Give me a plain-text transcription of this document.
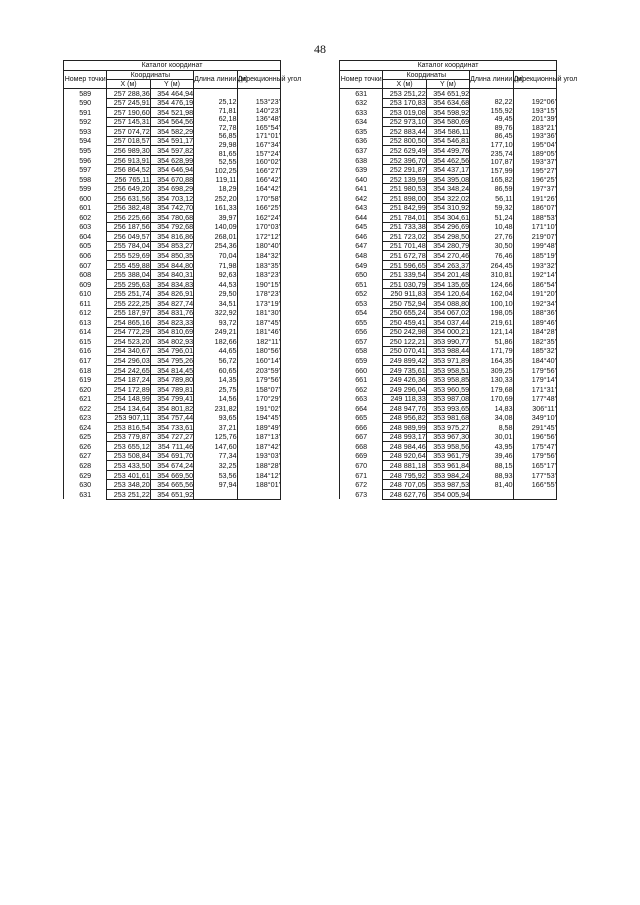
48
Каталог координат				
Номер точки	Координаты		Длина линии (м)	Дирекционный угол
	X (м)	Y (м)		
589	257 288,36	354 464,94		
			25,12	153°23'
590	257 245,91	354 476,19		
			71,81	140°23'
591	257 190,60	354 521,98		
			62,18	136°48'
592	257 145,31	354 564,56		
			72,78	165°54'
593	257 074,72	354 582,29		
			56,85	171°01'
594	257 018,57	354 591,17		
			29,98	167°34'
595	256 989,30	354 597,82		
			81,65	157°24'
596	256 913,91	354 628,99		
			52,55	160°02'
597	256 864,52	354 646,94		
			102,25	166°27'
598	256 765,11	354 670,88		
			119,11	166°42'
599	256 649,20	354 698,29		
			18,29	164°42'
600	256 631,56	354 703,12		
			252,20	170°58'
601	256 382,48	354 742,70		
			161,33	166°25'
602	256 225,66	354 780,68		
			39,97	162°24'
603	256 187,56	354 792,68		
			140,09	170°03'
604	256 049,57	354 816,86		
			268,01	172°12'
605	255 784,04	354 853,27		
			254,36	180°40'
606	255 529,69	354 850,35		
			70,04	184°32'
607	255 459,88	354 844,80		
			71,98	183°35'
608	255 388,04	354 840,31		
			92,63	183°23'
609	255 295,63	354 834,83		
			44,53	190°15'
610	255 251,74	354 826,91		
			29,50	178°23'
611	255 222,25	354 827,74		
			34,51	173°19'
612	255 187,97	354 831,76		
			322,92	181°30'
613	254 865,16	354 823,33		
			93,72	187°45'
614	254 772,29	354 810,69		
			249,21	181°46'
615	254 523,20	354 802,93		
			182,66	182°11'
616	254 340,67	354 796,01		
			44,65	180°56'
617	254 296,03	354 795,26		
			56,72	160°14'
618	254 242,65	354 814,45		
			60,65	203°59'
619	254 187,24	354 789,80		
			14,35	179°56'
620	254 172,89	354 789,81		
			25,75	158°07'
621	254 148,99	354 799,41		
			14,56	170°29'
622	254 134,64	354 801,82		
			231,82	191°02'
623	253 907,11	354 757,44		
			93,65	194°45'
624	253 816,54	354 733,61		
			37,21	189°49'
625	253 779,87	354 727,27		
			125,76	187°13'
626	253 655,12	354 711,46		
			147,60	187°42'
627	253 508,84	354 691,70		
			77,34	193°03'
628	253 433,50	354 674,24		
			32,25	188°28'
629	253 401,61	354 669,50		
			53,56	184°12'
630	253 348,20	354 665,56		
			97,94	188°01'
631	253 251,22	354 651,92		

Каталог координат				
Номер точки	Координаты		Длина линии (м)	Дирекционный угол
	X (м)	Y (м)		
631	253 251,22	354 651,92		
			82,22	192°06'
632	253 170,83	354 634,68		
			155,92	193°15'
633	253 019,08	354 598,92		
			49,45	201°39'
634	252 973,10	354 580,69		
			89,76	183°21'
635	252 883,44	354 586,11		
			86,45	193°36'
636	252 800,50	354 546,81		
			177,10	195°04'
637	252 629,49	354 499,76		
			235,74	189°05'
638	252 396,70	354 462,56		
			107,87	193°37'
639	252 291,87	354 437,17		
			157,99	195°27'
640	252 139,59	354 395,08		
			165,82	196°25'
641	251 980,53	354 348,24		
			86,59	197°37'
642	251 898,00	354 322,02		
			56,11	191°26'
643	251 842,99	354 310,92		
			59,32	186°07'
644	251 784,01	354 304,61		
			51,24	188°53'
645	251 733,38	354 296,69		
			10,48	171°10'
646	251 723,02	354 298,50		
			27,76	219°07'
647	251 701,48	354 280,79		
			30,50	199°48'
648	251 672,78	354 270,46		
			76,46	185°19'
649	251 596,65	354 263,37		
			264,45	193°32'
650	251 339,54	354 201,48		
			310,81	192°14'
651	251 030,79	354 135,65		
			124,66	186°54'
652	250 911,83	354 120,64		
			162,04	191°20'
653	250 752,94	354 088,80		
			100,10	192°34'
654	250 655,24	354 067,02		
			198,05	188°36'
655	250 459,41	354 037,44		
			219,61	189°46'
656	250 242,98	354 000,21		
			121,14	184°28'
657	250 122,21	353 990,77		
			51,86	182°35'
658	250 070,41	353 988,44		
			171,79	185°32'
659	249 899,42	353 971,89		
			164,35	184°40'
660	249 735,61	353 958,51		
			309,25	179°56'
661	249 426,36	353 958,85		
			130,33	179°14'
662	249 296,04	353 960,59		
			179,68	171°31'
663	249 118,33	353 987,08		
			170,69	177°48'
664	248 947,76	353 993,65		
			14,83	306°11'
665	248 956,82	353 981,68		
			34,08	349°10'
666	248 989,99	353 975,27		
			8,58	291°45'
667	248 993,17	353 967,30		
			30,01	196°56'
668	248 984,46	353 958,56		
			43,95	175°47'
669	248 920,64	353 961,79		
			39,46	179°56'
670	248 881,18	353 961,84		
			88,15	165°17'
671	248 795,92	353 984,24		
			88,93	177°53'
672	248 707,05	353 987,53		
			81,40	166°55'
673	248 627,76	354 005,94		
